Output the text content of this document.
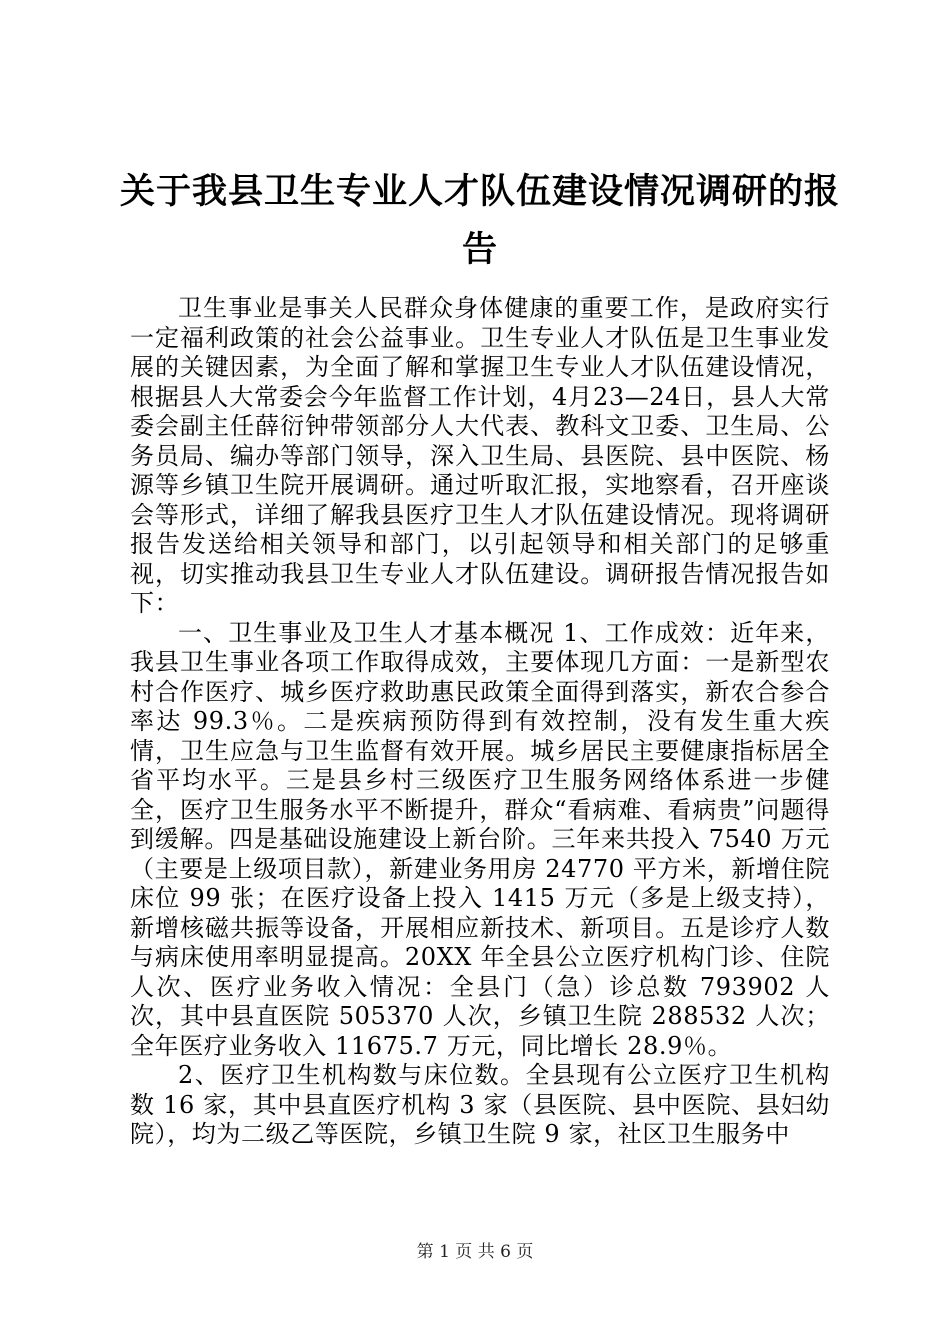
关于我县卫生专业人才队伍建设情况调研的报告

卫生事业是事关人民群众身体健康的重要工作，是政府实行一定福利政策的社会公益事业。卫生专业人才队伍是卫生事业发展的关键因素，为全面了解和掌握卫生专业人才队伍建设情况，根据县人大常委会今年监督工作计划，4月23—24日，县人大常委会副主任薛衍钟带领部分人大代表、教科文卫委、卫生局、公务员局、编办等部门领导，深入卫生局、县医院、县中医院、杨源等乡镇卫生院开展调研。通过听取汇报，实地察看，召开座谈会等形式，详细了解我县医疗卫生人才队伍建设情况。现将调研报告发送给相关领导和部门，以引起领导和相关部门的足够重视，切实推动我县卫生专业人才队伍建设。调研报告情况报告如下：

一、卫生事业及卫生人才基本概况 1、工作成效：近年来，我县卫生事业各项工作取得成效，主要体现几方面：一是新型农村合作医疗、城乡医疗救助惠民政策全面得到落实，新农合参合率达 99.3％。二是疾病预防得到有效控制，没有发生重大疾情，卫生应急与卫生监督有效开展。城乡居民主要健康指标居全省平均水平。三是县乡村三级医疗卫生服务网络体系进一步健全，医疗卫生服务水平不断提升，群众“看病难、看病贵”问题得到缓解。四是基础设施建设上新台阶。三年来共投入 7540 万元（主要是上级项目款），新建业务用房 24770 平方米，新增住院床位 99 张；在医疗设备上投入 1415 万元（多是上级支持），新增核磁共振等设备，开展相应新技术、新项目。五是诊疗人数与病床使用率明显提高。20XX 年全县公立医疗机构门诊、住院人次、医疗业务收入情况：全县门（急）诊总数 793902 人次，其中县直医院 505370 人次，乡镇卫生院 288532 人次；全年医疗业务收入 11675.7 万元，同比增长 28.9％。

2、医疗卫生机构数与床位数。全县现有公立医疗卫生机构数 16 家，其中县直医疗机构 3 家（县医院、县中医院、县妇幼院），均为二级乙等医院，乡镇卫生院 9 家，社区卫生服务中

第 1 页 共 6 页
